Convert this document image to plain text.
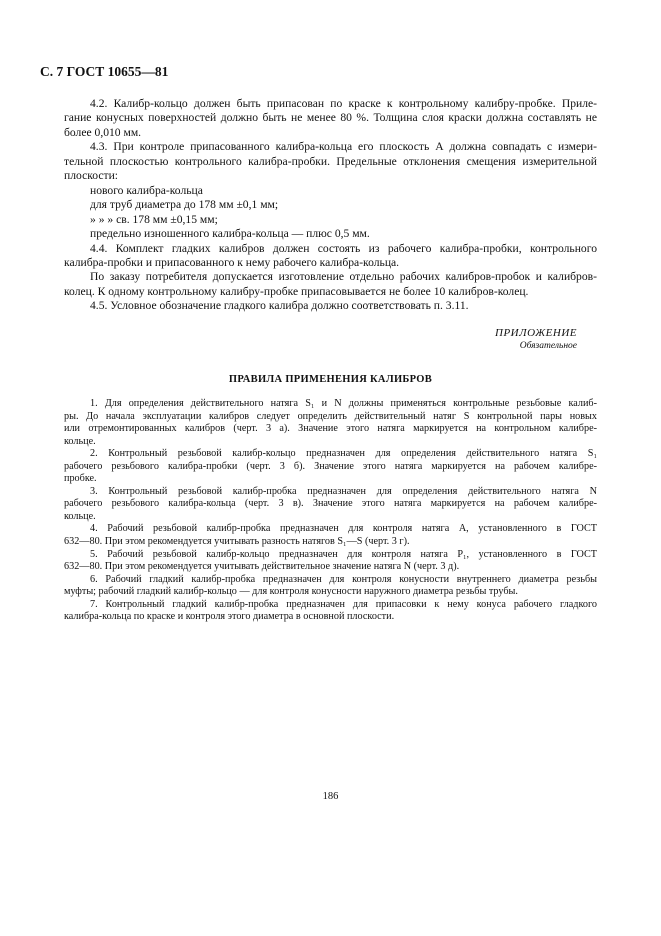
С. 7 ГОСТ 10655—81
4.2. Калибр-кольцо должен быть припасован по краске к контрольному калибру-пробке. Приле-
гание конусных поверхностей должно быть не менее 80 %. Толщина слоя краски должна составлять не
более 0,010 мм.
4.3. При контроле припасованного калибра-кольца его плоскость А должна совпадать с измери-
тельной плоскостью контрольного калибра-пробки. Предельные отклонения смещения измерительной
плоскости:
нового калибра-кольца
для труб диаметра до 178 мм ±0,1 мм;
» » » св. 178 мм ±0,15 мм;
предельно изношенного калибра-кольца — плюс 0,5 мм.
4.4. Комплект гладких калибров должен состоять из рабочего калибра-пробки, контрольного
калибра-пробки и припасованного к нему рабочего калибра-кольца.
По заказу потребителя допускается изготовление отдельно рабочих калибров-пробок и калибров-
колец. К одному контрольному калибру-пробке припасовывается не более 10 калибров-колец.
4.5. Условное обозначение гладкого калибра должно соответствовать п. 3.11.
ПРИЛОЖЕНИЕ
Обязательное
ПРАВИЛА ПРИМЕНЕНИЯ КАЛИБРОВ
1. Для определения действительного натяга S₁ и N должны применяться контрольные резьбовые калиб-
ры. До начала эксплуатации калибров следует определить действительный натяг S контрольной пары новых
или отремонтированных калибров (черт. 3 а). Значение этого натяга маркируется на контрольном калибре-
кольце.
2. Контрольный резьбовой калибр-кольцо предназначен для определения действительного натяга S₁
рабочего резьбового калибра-пробки (черт. 3 б). Значение этого натяга маркируется на рабочем калибре-
пробке.
3. Контрольный резьбовой калибр-пробка предназначен для определения действительного натяга N
рабочего резьбового калибра-кольца (черт. 3 в). Значение этого натяга маркируется на рабочем калибре-
кольце.
4. Рабочий резьбовой калибр-пробка предназначен для контроля натяга А, установленного в ГОСТ
632—80. При этом рекомендуется учитывать разность натягов S₁—S (черт. 3 г).
5. Рабочий резьбовой калибр-кольцо предназначен для контроля натяга P₁, установленного в ГОСТ
632—80. При этом рекомендуется учитывать действительное значение натяга N (черт. 3 д).
6. Рабочий гладкий калибр-пробка предназначен для контроля конусности внутреннего диаметра резьбы
муфты; рабочий гладкий калибр-кольцо — для контроля конусности наружного диаметра резьбы трубы.
7. Контрольный гладкий калибр-пробка предназначен для припасовки к нему конуса рабочего гладкого
калибра-кольца по краске и контроля этого диаметра в основной плоскости.
186
